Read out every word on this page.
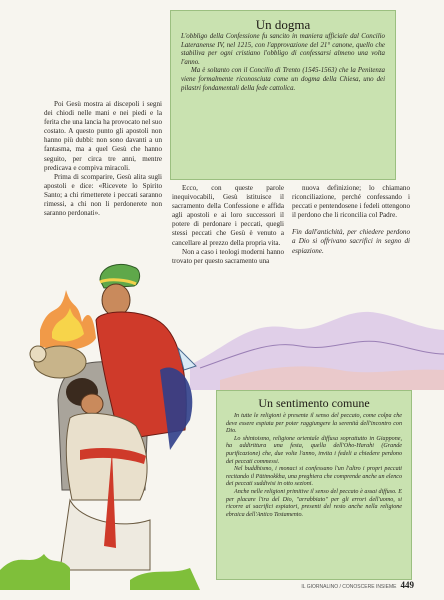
Un dogma

L'obbligo della Confessione fu sancito in maniera ufficiale dal Concilio Lateranense IV, nel 1215, con l'approvazione del 21° canone, quello che stabiliva per ogni cristiano l'obbligo di confessarsi almeno una volta l'anno.

Ma è soltanto con il Concilio di Trento (1545-1563) che la Penitenza viene formalmente riconosciuta come un dogma della Chiesa, uno dei pilastri fondamentali della fede cattolica.

Poi Gesù mostra ai discepoli i segni dei chiodi nelle mani e nei piedi e la ferita che una lancia ha provocato nel suo costato. A questo punto gli apostoli non hanno più dubbi: non sono davanti a un fantasma, ma a quel Gesù che hanno seguito, per circa tre anni, mentre predicava e compiva miracoli.

Prima di scomparire, Gesù alita sugli apostoli e dice: «Ricevete lo Spirito Santo; a chi rimetterete i peccati saranno rimessi, a chi non li perdonerete non saranno perdonati».

Ecco, con queste parole inequivocabili, Gesù istituisce il sacramento della Confessione e affida agli apostoli e ai loro successori il potere di perdonare i peccati, quegli stessi peccati che Gesù è venuto a cancellare al prezzo della propria vita.

Non a caso i teologi moderni hanno trovato per questo sacramento una

nuova definizione; lo chiamano riconciliazione, perché confessando i peccati e pentendosene i fedeli ottengono il perdono che li riconcilia col Padre.

Fin dall'antichità, per chiedere perdono a Dio si offrivano sacrifici in segno di espiazione.

Un sentimento comune

In tutte le religioni è presente il senso del peccato, come colpa che deve essere espiata per poter raggiungere la serenità dell'incontro con Dio.

Lo shintoismo, religione orientale diffusa soprattutto in Giappone, ha addirittura una festa, quella dell'Oho-Harahi (Grande purificazione) che, due volte l'anno, invita i fedeli a chiedere perdono dei peccati commessi.

Nel buddhismo, i monaci si confessano l'un l'altro i propri peccati recitando il Pātimokkha, una preghiera che comprende anche un elenco dei peccati suddivisi in otto sezioni.

Anche nelle religioni primitive il senso del peccato è assai diffuso. E per placare l'ira del Dio, "arrabbiato" per gli errori dell'uomo, si ricorre ai sacrifici espiatori, presenti del resto anche nella religione ebraica dell'Antico Testamento.

IL GIORNALINO / CONOSCERE INSIEME 449
